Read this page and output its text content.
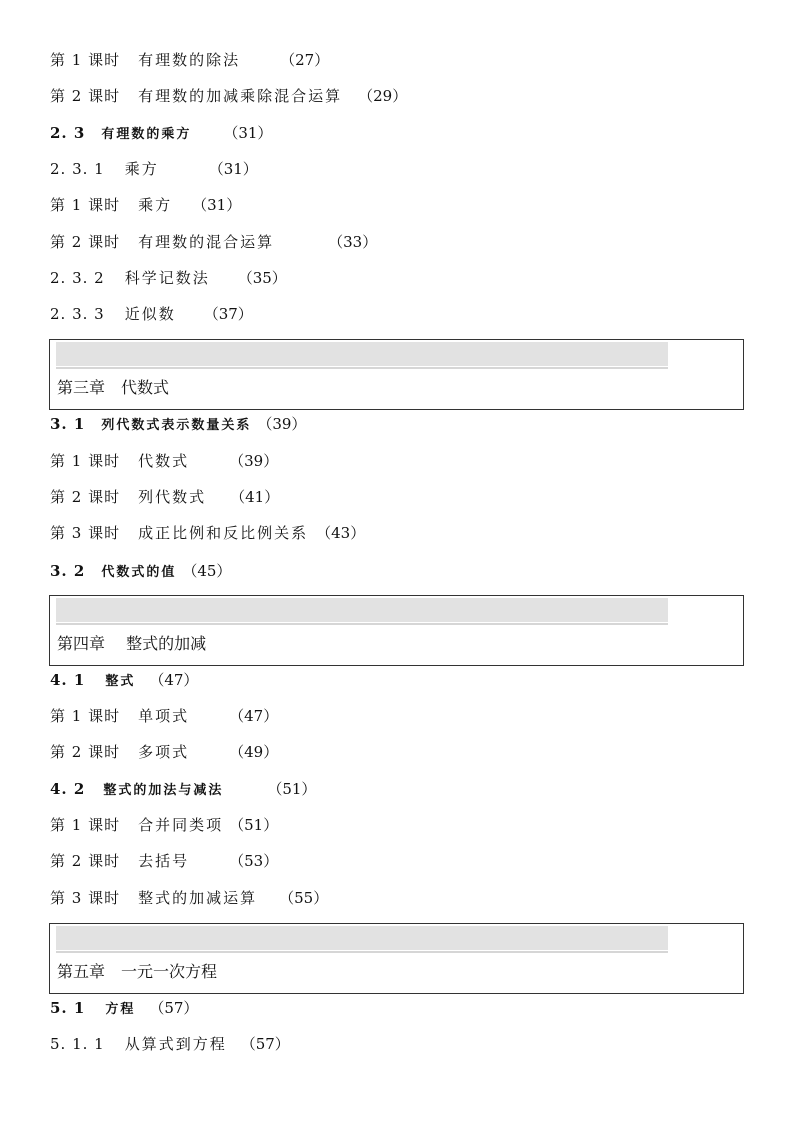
第 1 课时 有理数的除法	（27）
第 2 课时 有理数的加减乘除混合运算 （29）
2. 3 有理数的乘方 （31）
2. 3. 1 乘方	（31）
第 1 课时 乘方 （31）
第 2 课时 有理数的混合运算	（33）
2. 3. 2 科学记数法 （35）
2. 3. 3 近似数 （37）
第三章　代数式
3. 1 列代数式表示数量关系 （39）
第 1 课时 代数式	（39）
第 2 课时 列代数式 （41）
第 3 课时 成正比例和反比例关系 （43）
3. 2 代数式的值 （45）
第四章　 整式的加减
4. 1 整式 （47）
第 1 课时 单项式	（47）
第 2 课时 多项式	（49）
4. 2 整式的加法与减法	（51）
第 1 课时 合并同类项 （51）
第 2 课时 去括号	（53）
第 3 课时 整式的加减运算 （55）
第五章　一元一次方程
5. 1 方程 （57）
5. 1. 1 从算式到方程 （57）
